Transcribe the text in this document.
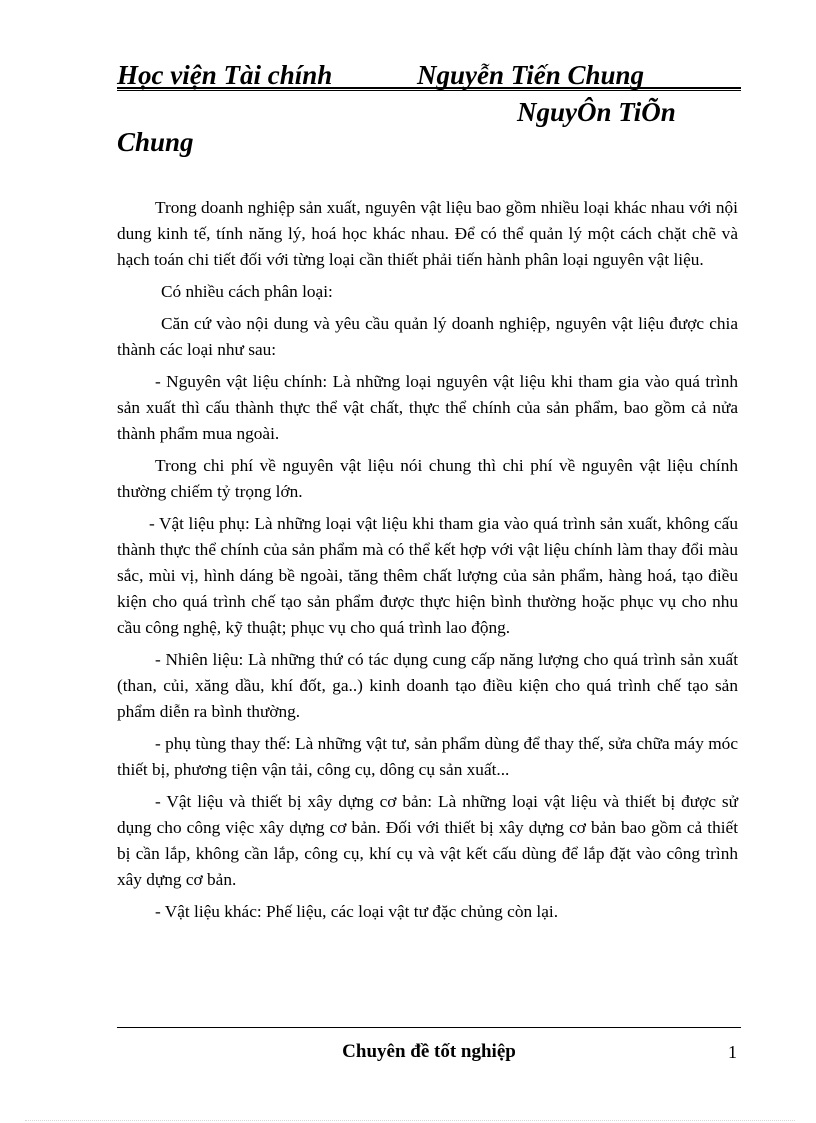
Học viện Tài chính	Nguyễn Tiến Chung
NguyÔn TiÕn
Chung

Trong doanh nghiệp sản xuất, nguyên vật liệu bao gồm nhiều loại khác nhau với nội dung kinh tế, tính năng lý, hoá học khác nhau. Để có thể quản lý một cách chặt chẽ và hạch toán chi tiết đối với từng loại cần thiết phải tiến hành phân loại nguyên vật liệu.

Có nhiều cách phân loại:

Căn cứ vào nội dung và yêu cầu quản lý doanh nghiệp, nguyên vật liệu được chia thành các loại như sau:

- Nguyên vật liệu chính: Là những loại nguyên vật liệu khi tham gia vào quá trình sản xuất thì cấu thành thực thể vật chất, thực thể chính của sản phẩm, bao gồm cả nửa thành phẩm mua ngoài.

Trong chi phí về nguyên vật liệu nói chung thì chi phí về nguyên vật liệu chính thường chiếm tỷ trọng lớn.

- Vật liệu phụ: Là những loại vật liệu khi tham gia vào quá trình sản xuất, không cấu thành thực thể chính của sản phẩm mà có thể kết hợp với vật liệu chính làm thay đổi màu sắc, mùi vị, hình dáng bề ngoài, tăng thêm chất lượng của sản phẩm, hàng hoá, tạo điều kiện cho quá trình chế tạo sản phẩm được thực hiện bình thường hoặc phục vụ cho nhu cầu công nghệ, kỹ thuật; phục vụ cho quá trình lao động.

- Nhiên liệu: Là những thứ có tác dụng cung cấp năng lượng cho quá trình sản xuất (than, củi, xăng dầu, khí đốt, ga..) kinh doanh tạo điều kiện cho quá trình chế tạo sản phẩm diễn ra bình thường.

- phụ tùng thay thế: Là những vật tư, sản phẩm dùng để thay thế, sửa chữa máy móc thiết bị, phương tiện vận tải, công cụ, dông cụ sản xuất...

- Vật liệu và thiết bị xây dựng cơ bản: Là những loại vật liệu và thiết bị được sử dụng cho công việc xây dựng cơ bản. Đối với thiết bị xây dựng cơ bản bao gồm cả thiết bị cần lắp, không cần lắp, công cụ, khí cụ và vật kết cấu dùng để lắp đặt vào công trình xây dựng cơ bản.

- Vật liệu khác: Phế liệu, các loại vật tư đặc chủng còn lại.

Chuyên đề tốt nghiệp	1
